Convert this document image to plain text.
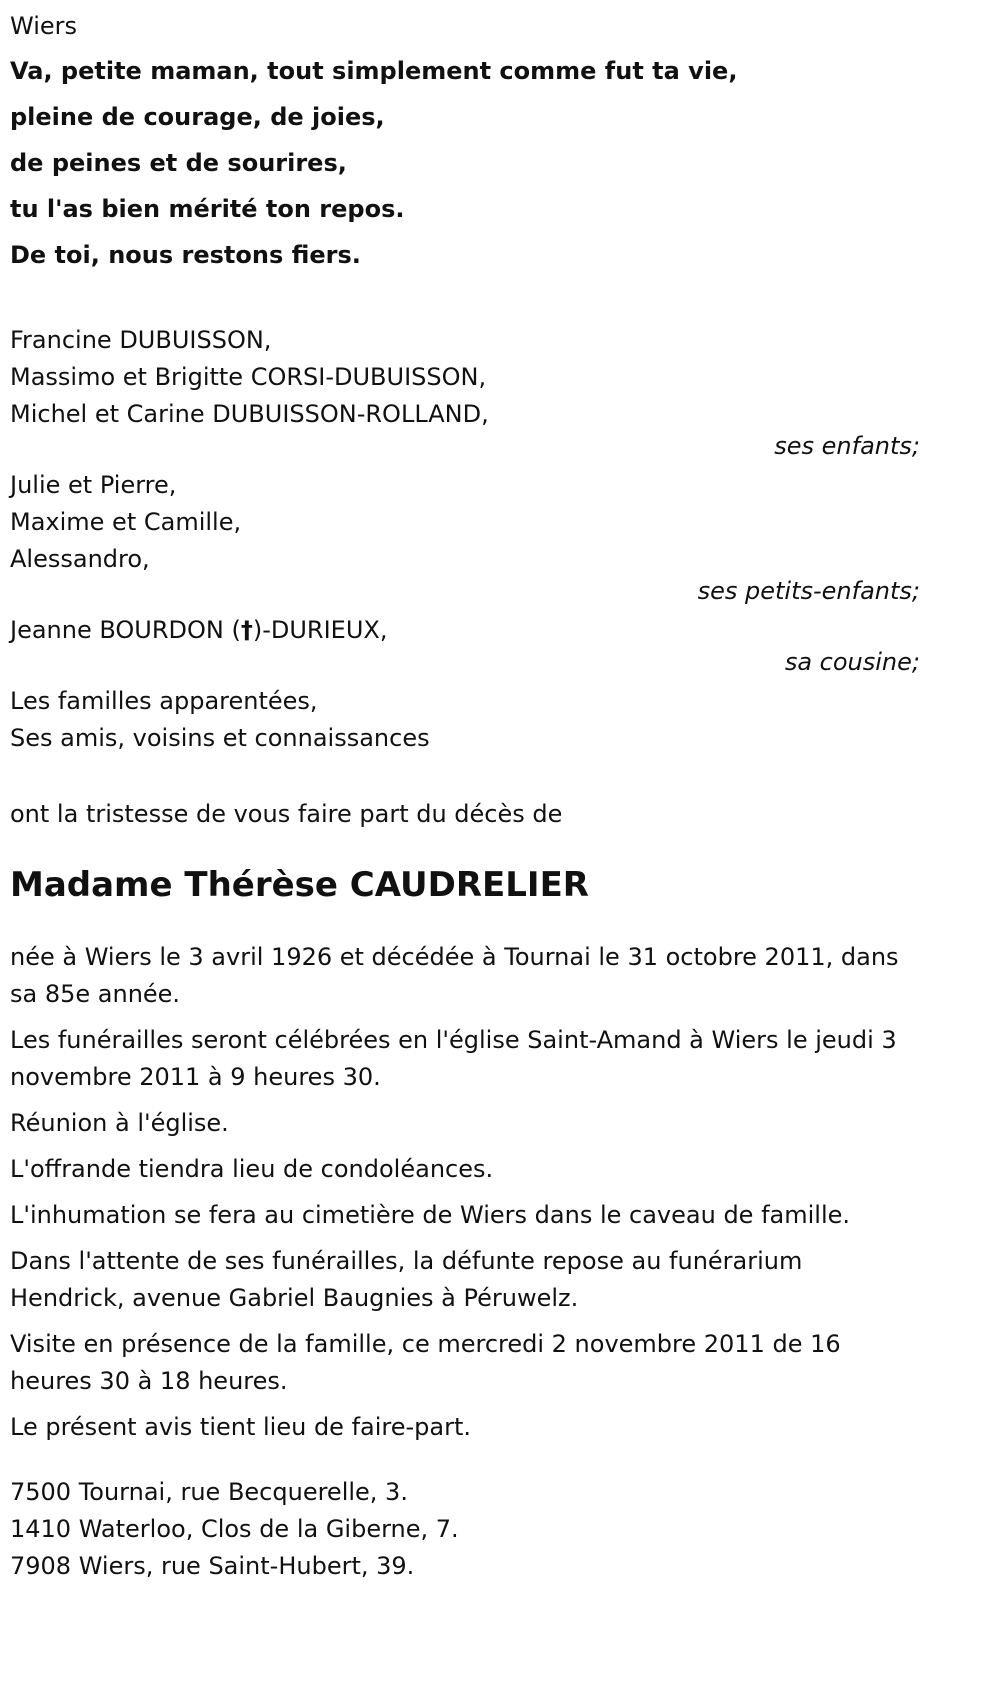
Wiers
Va, petite maman, tout simplement comme fut ta vie,
pleine de courage, de joies,
de peines et de sourires,
tu l'as bien mérité ton repos.
De toi, nous restons fiers.
Francine DUBUISSON,
Massimo et Brigitte CORSI-DUBUISSON,
Michel et Carine DUBUISSON-ROLLAND,
ses enfants;
Julie et Pierre,
Maxime et Camille,
Alessandro,
ses petits-enfants;
Jeanne BOURDON (†)-DURIEUX,
sa cousine;
Les familles apparentées,
Ses amis, voisins et connaissances
ont la tristesse de vous faire part du décès de
Madame Thérèse CAUDRELIER
née à Wiers le 3 avril 1926 et décédée à Tournai le 31 octobre 2011, dans sa 85e année.
Les funérailles seront célébrées en l'église Saint-Amand à Wiers le jeudi 3 novembre 2011 à 9 heures 30.
Réunion à l'église.
L'offrande tiendra lieu de condoléances.
L'inhumation se fera au cimetière de Wiers dans le caveau de famille.
Dans l'attente de ses funérailles, la défunte repose au funérarium Hendrick, avenue Gabriel Baugnies à Péruwelz.
Visite en présence de la famille, ce mercredi 2 novembre 2011 de 16 heures 30 à 18 heures.
Le présent avis tient lieu de faire-part.
7500 Tournai, rue Becquerelle, 3.
1410 Waterloo, Clos de la Giberne, 7.
7908 Wiers, rue Saint-Hubert, 39.
